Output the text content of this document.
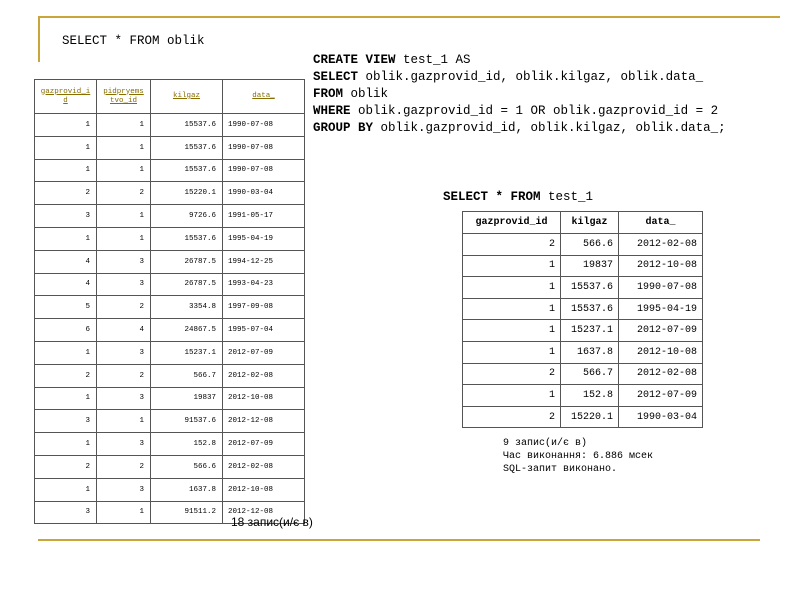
SELECT * FROM oblik
CREATE VIEW test_1 AS
SELECT oblik.gazprovid_id, oblik.kilgaz, oblik.data_
FROM oblik
WHERE oblik.gazprovid_id = 1 OR oblik.gazprovid_id = 2
GROUP BY oblik.gazprovid_id, oblik.kilgaz, oblik.data_;
gazprovid_i d	pidpryems tvo_id	kilgaz	data_
1	1	15537.6	1990-07-08
1	1	15537.6	1990-07-08
1	1	15537.6	1990-07-08
2	2	15220.1	1990-03-04
3	1	9726.6	1991-05-17
1	1	15537.6	1995-04-19
4	3	26787.5	1994-12-25
4	3	26787.5	1993-04-23
5	2	3354.8	1997-09-08
6	4	24867.5	1995-07-04
1	3	15237.1	2012-07-09
2	2	566.7	2012-02-08
1	3	19837	2012-10-08
3	1	91537.6	2012-12-08
1	3	152.8	2012-07-09
2	2	566.6	2012-02-08
1	3	1637.8	2012-10-08
3	1	91511.2	2012-12-08
18 запис(и/є в)
SELECT * FROM test_1
gazprovid_id	kilgaz	data_
2	566.6	2012-02-08
1	19837	2012-10-08
1	15537.6	1990-07-08
1	15537.6	1995-04-19
1	15237.1	2012-07-09
1	1637.8	2012-10-08
2	566.7	2012-02-08
1	152.8	2012-07-09
2	15220.1	1990-03-04
9 запис(и/є в)
Час виконання: 6.886 мсек
SQL-запит виконано.
